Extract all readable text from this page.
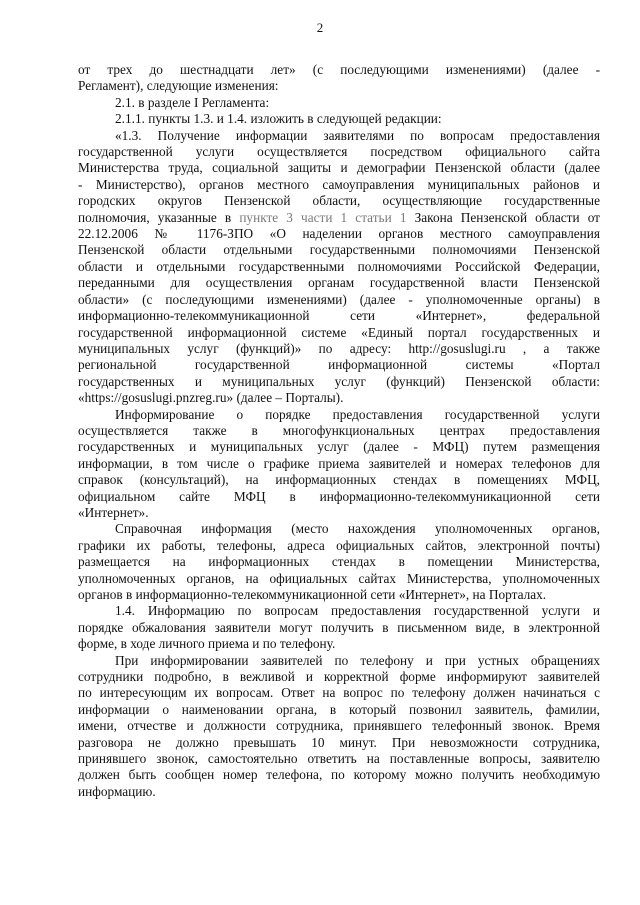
2
от трех до шестнадцати лет» (с последующими изменениями) (далее -
Регламент), следующие изменения:
2.1. в разделе I Регламента:
2.1.1. пункты 1.3. и 1.4. изложить в следующей редакции:
«1.3. Получение информации заявителями по вопросам предоставления
государственной услуги осуществляется посредством официального сайта
Министерства труда, социальной защиты и демографии Пензенской области (далее
- Министерство), органов местного самоуправления муниципальных районов и
городских округов Пензенской области, осуществляющие государственные
полномочия, указанные в пункте 3 части 1 статьи 1 Закона Пензенской области от
22.12.2006 № 1176-ЗПО «О наделении органов местного самоуправления
Пензенской области отдельными государственными полномочиями Пензенской
области и отдельными государственными полномочиями Российской Федерации,
переданными для осуществления органам государственной власти Пензенской
области» (с последующими изменениями) (далее - уполномоченные органы) в
информационно-телекоммуникационной сети «Интернет», федеральной
государственной информационной системе «Единый портал государственных и
муниципальных услуг (функций)» по адресу: http://gosuslugi.ru , а также
региональной государственной информационной системы «Портал
государственных и муниципальных услуг (функций) Пензенской области:
«https://gosuslugi.pnzreg.ru» (далее – Порталы).
Информирование о порядке предоставления государственной услуги
осуществляется также в многофункциональных центрах предоставления
государственных и муниципальных услуг (далее - МФЦ) путем размещения
информации, в том числе о графике приема заявителей и номерах телефонов для
справок (консультаций), на информационных стендах в помещениях МФЦ,
официальном сайте МФЦ в информационно-телекоммуникационной сети
«Интернет».
Справочная информация (место нахождения уполномоченных органов,
графики их работы, телефоны, адреса официальных сайтов, электронной почты)
размещается на информационных стендах в помещении Министерства,
уполномоченных органов, на официальных сайтах Министерства, уполномоченных
органов в информационно-телекоммуникационной сети «Интернет», на Порталах.
1.4. Информацию по вопросам предоставления государственной услуги и
порядке обжалования заявители могут получить в письменном виде, в электронной
форме, в ходе личного приема и по телефону.
При информировании заявителей по телефону и при устных обращениях
сотрудники подробно, в вежливой и корректной форме информируют заявителей
по интересующим их вопросам. Ответ на вопрос по телефону должен начинаться с
информации о наименовании органа, в который позвонил заявитель, фамилии,
имени, отчестве и должности сотрудника, принявшего телефонный звонок. Время
разговора не должно превышать 10 минут. При невозможности сотрудника,
принявшего звонок, самостоятельно ответить на поставленные вопросы, заявителю
должен быть сообщен номер телефона, по которому можно получить необходимую
информацию.
